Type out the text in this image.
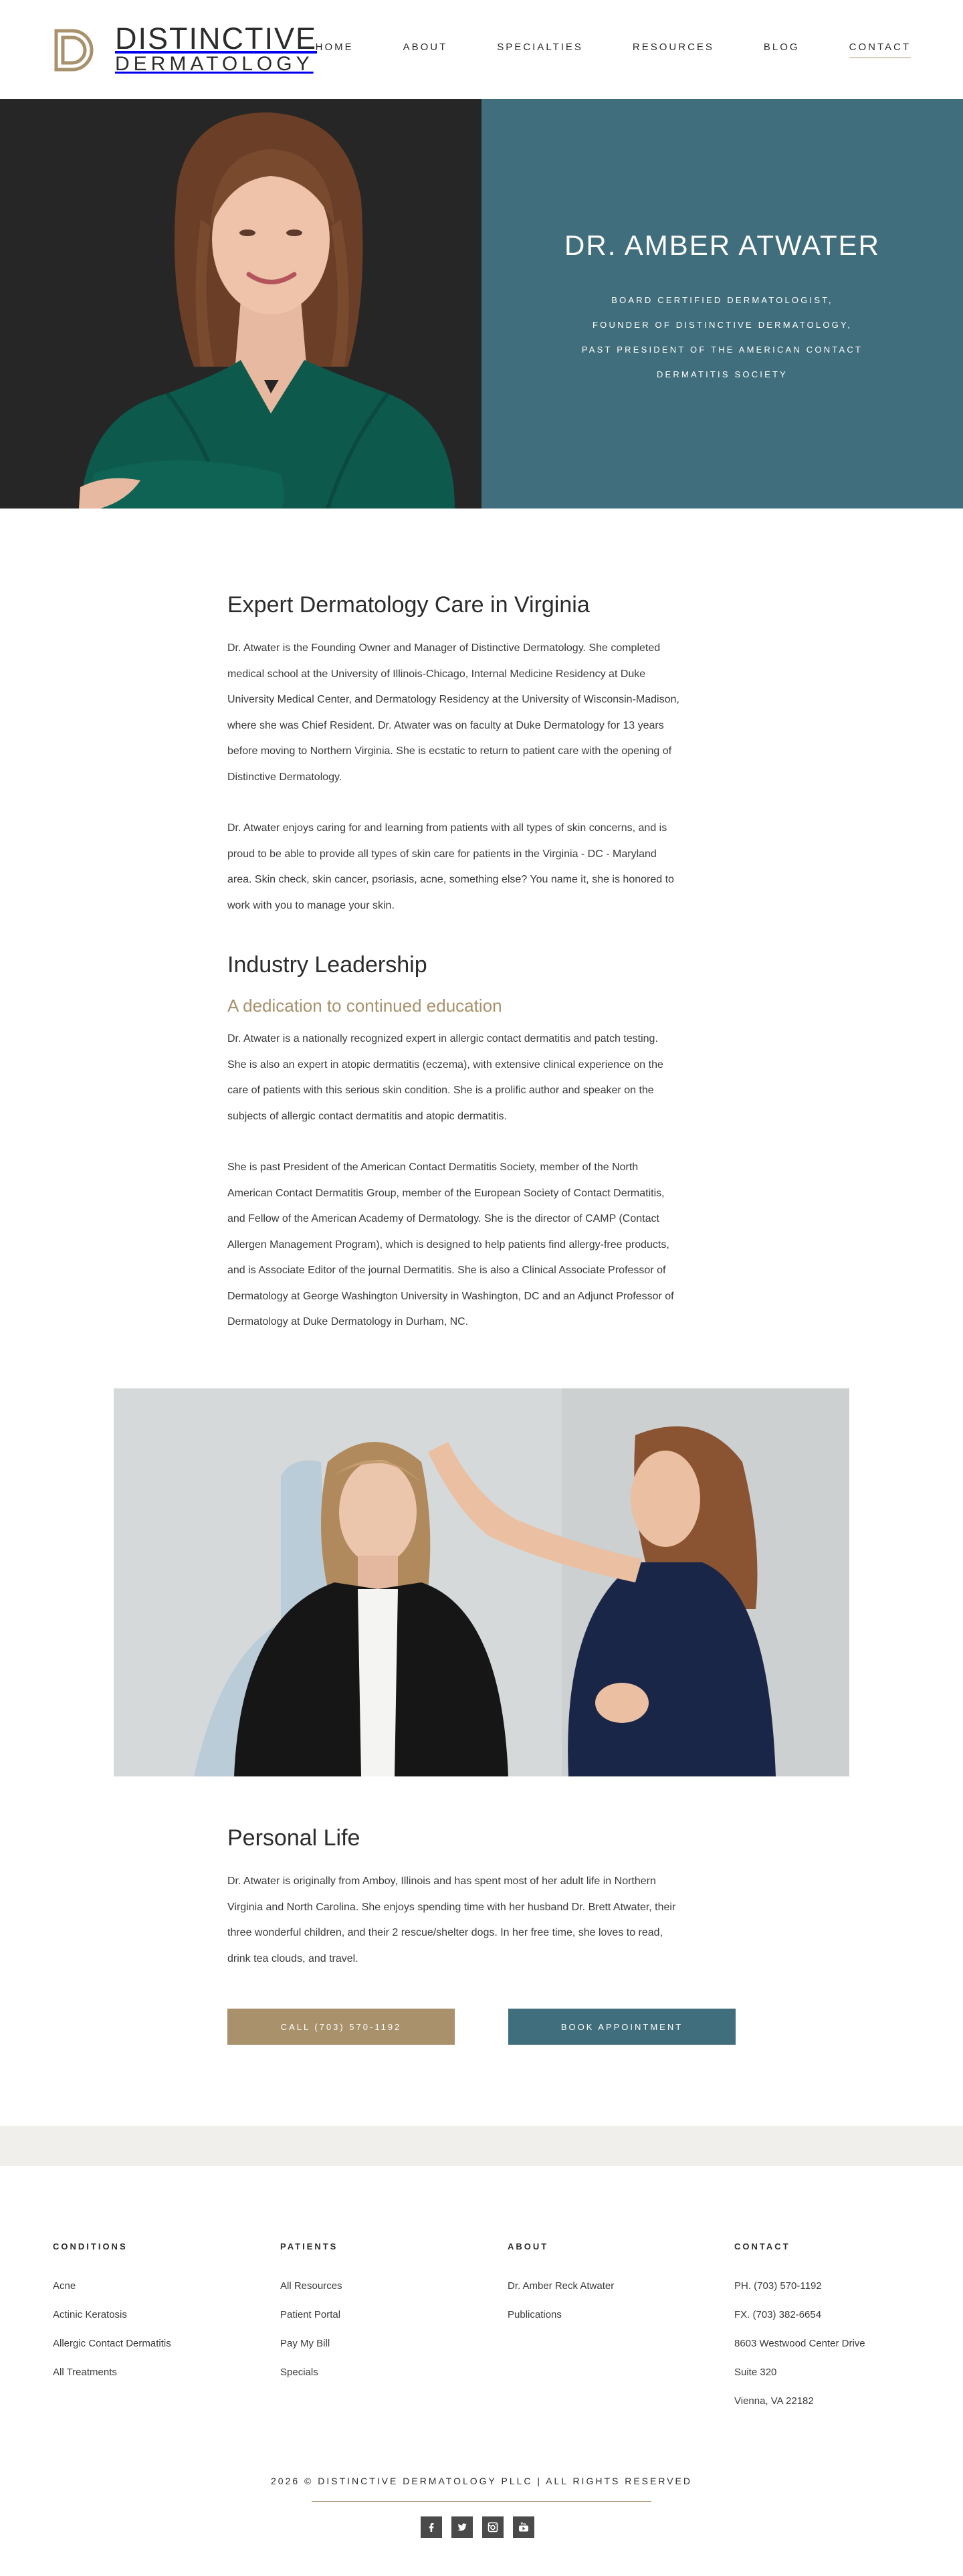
DISTINCTIVE
DERMATOLOGY
HOME	ABOUT	SPECIALTIES	RESOURCES	BLOG	CONTACT
DR. AMBER ATWATER
BOARD CERTIFIED DERMATOLOGIST,
FOUNDER OF DISTINCTIVE DERMATOLOGY,
PAST PRESIDENT OF THE AMERICAN CONTACT
DERMATITIS SOCIETY
Expert Dermatology Care in Virginia
Dr. Atwater is the Founding Owner and Manager of Distinctive Dermatology. She completed
medical school at the University of Illinois-Chicago, Internal Medicine Residency at Duke
University Medical Center, and Dermatology Residency at the University of Wisconsin-Madison,
where she was Chief Resident. Dr. Atwater was on faculty at Duke Dermatology for 13 years
before moving to Northern Virginia. She is ecstatic to return to patient care with the opening of
Distinctive Dermatology.
Dr. Atwater enjoys caring for and learning from patients with all types of skin concerns, and is
proud to be able to provide all types of skin care for patients in the Virginia - DC - Maryland
area. Skin check, skin cancer, psoriasis, acne, something else? You name it, she is honored to
work with you to manage your skin.
Industry Leadership
A dedication to continued education
Dr. Atwater is a nationally recognized expert in allergic contact dermatitis and patch testing.
She is also an expert in atopic dermatitis (eczema), with extensive clinical experience on the
care of patients with this serious skin condition. She is a prolific author and speaker on the
subjects of allergic contact dermatitis and atopic dermatitis.
She is past President of the American Contact Dermatitis Society, member of the North
American Contact Dermatitis Group, member of the European Society of Contact Dermatitis,
and Fellow of the American Academy of Dermatology. She is the director of CAMP (Contact
Allergen Management Program), which is designed to help patients find allergy-free products,
and is Associate Editor of the journal Dermatitis. She is also a Clinical Associate Professor of
Dermatology at George Washington University in Washington, DC and an Adjunct Professor of
Dermatology at Duke Dermatology in Durham, NC.
Personal Life
Dr. Atwater is originally from Amboy, Illinois and has spent most of her adult life in Northern
Virginia and North Carolina. She enjoys spending time with her husband Dr. Brett Atwater, their
three wonderful children, and their 2 rescue/shelter dogs. In her free time, she loves to read,
drink tea clouds, and travel.
CALL (703) 570-1192	BOOK APPOINTMENT
CONDITIONS
Acne
Actinic Keratosis
Allergic Contact Dermatitis
All Treatments
PATIENTS
All Resources
Patient Portal
Pay My Bill
Specials
ABOUT
Dr. Amber Reck Atwater
Publications
CONTACT
PH. (703) 570-1192
FX. (703) 382-6654
8603 Westwood Center Drive
Suite 320
Vienna, VA 22182
2026 © DISTINCTIVE DERMATOLOGY PLLC | ALL RIGHTS RESERVED
